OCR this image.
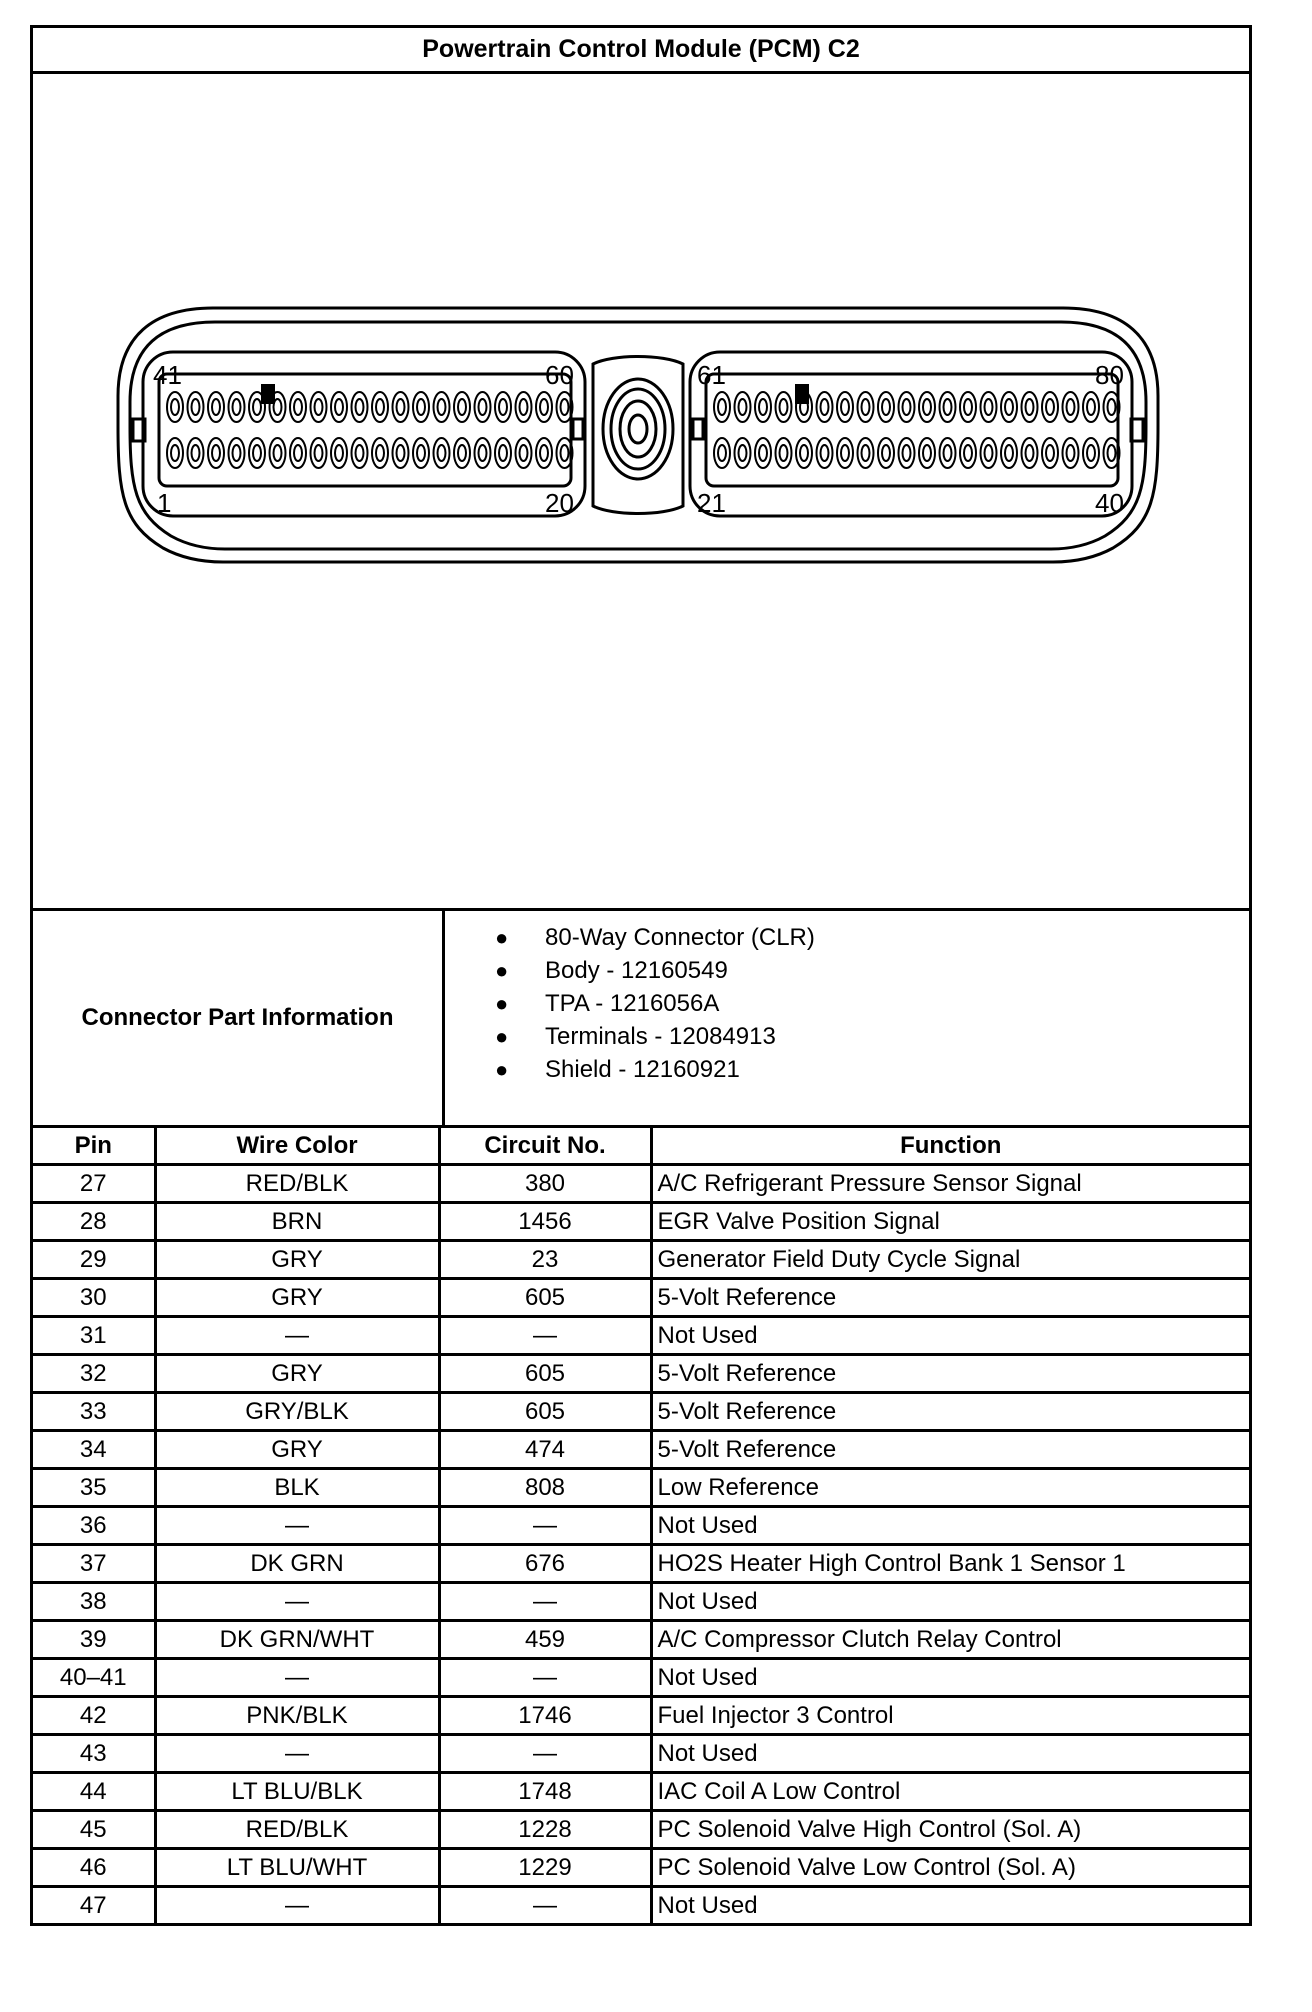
Powertrain Control Module (PCM) C2
41	60
1	20
61	80
21	40
Connector Part Information
●	80-Way Connector (CLR)
●	Body - 12160549
●	TPA - 1216056A
●	Terminals - 12084913
●	Shield - 12160921
Pin	Wire Color	Circuit No.	Function
27	RED/BLK	380	A/C Refrigerant Pressure Sensor Signal
28	BRN	1456	EGR Valve Position Signal
29	GRY	23	Generator Field Duty Cycle Signal
30	GRY	605	5-Volt Reference
31	—	—	Not Used
32	GRY	605	5-Volt Reference
33	GRY/BLK	605	5-Volt Reference
34	GRY	474	5-Volt Reference
35	BLK	808	Low Reference
36	—	—	Not Used
37	DK GRN	676	HO2S Heater High Control Bank 1 Sensor 1
38	—	—	Not Used
39	DK GRN/WHT	459	A/C Compressor Clutch Relay Control
40–41	—	—	Not Used
42	PNK/BLK	1746	Fuel Injector 3 Control
43	—	—	Not Used
44	LT BLU/BLK	1748	IAC Coil A Low Control
45	RED/BLK	1228	PC Solenoid Valve High Control (Sol. A)
46	LT BLU/WHT	1229	PC Solenoid Valve Low Control (Sol. A)
47	—	—	Not Used
